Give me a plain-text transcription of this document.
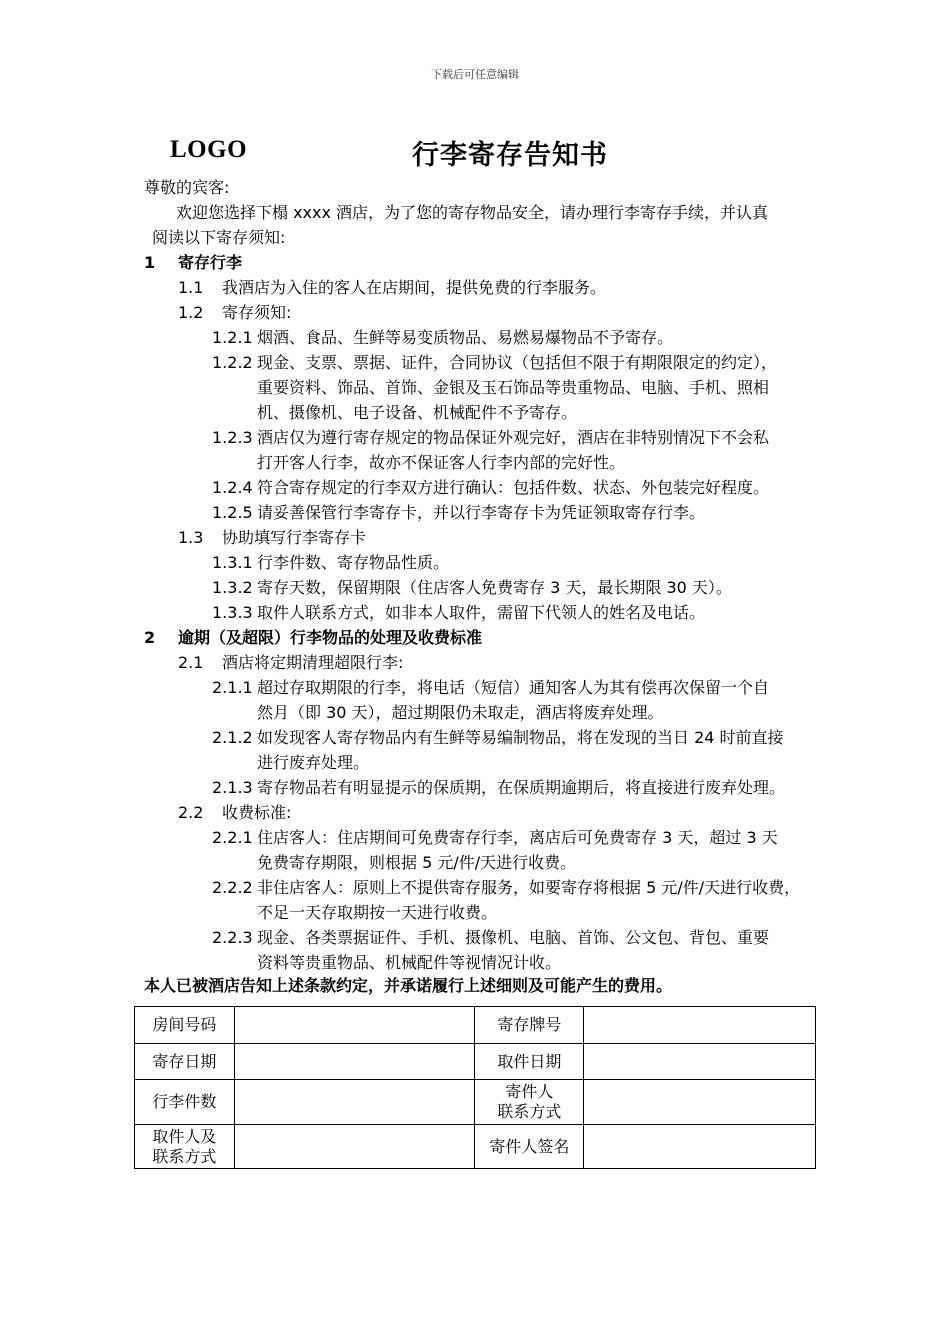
下载后可任意编辑
LOGO	行李寄存告知书
尊敬的宾客:
欢迎您选择下榻 xxxx 酒店，为了您的寄存物品安全，请办理行李寄存手续，并认真
阅读以下寄存须知:
1 寄存行李
1.1 我酒店为入住的客人在店期间，提供免费的行李服务。
1.2 寄存须知:
1.2.1 烟酒、食品、生鲜等易变质物品、易燃易爆物品不予寄存。
1.2.2 现金、支票、票据、证件，合同协议（包括但不限于有期限限定的约定），
重要资料、饰品、首饰、金银及玉石饰品等贵重物品、电脑、手机、照相
机、摄像机、电子设备、机械配件不予寄存。
1.2.3 酒店仅为遵行寄存规定的物品保证外观完好，酒店在非特别情况下不会私
打开客人行李，故亦不保证客人行李内部的完好性。
1.2.4 符合寄存规定的行李双方进行确认：包括件数、状态、外包装完好程度。
1.2.5 请妥善保管行李寄存卡，并以行李寄存卡为凭证领取寄存行李。
1.3 协助填写行李寄存卡
1.3.1 行李件数、寄存物品性质。
1.3.2 寄存天数，保留期限（住店客人免费寄存 3 天，最长期限 30 天）。
1.3.3 取件人联系方式，如非本人取件，需留下代领人的姓名及电话。
2 逾期（及超限）行李物品的处理及收费标准
2.1 酒店将定期清理超限行李:
2.1.1 超过存取期限的行李，将电话（短信）通知客人为其有偿再次保留一个自
然月（即 30 天），超过期限仍未取走，酒店将废弃处理。
2.1.2 如发现客人寄存物品内有生鲜等易编制物品，将在发现的当日 24 时前直接
进行废弃处理。
2.1.3 寄存物品若有明显提示的保质期，在保质期逾期后，将直接进行废弃处理。
2.2 收费标准:
2.2.1 住店客人：住店期间可免费寄存行李，离店后可免费寄存 3 天，超过 3 天
免费寄存期限，则根据 5 元/件/天进行收费。
2.2.2 非住店客人：原则上不提供寄存服务，如要寄存将根据 5 元/件/天进行收费，
不足一天存取期按一天进行收费。
2.2.3 现金、各类票据证件、手机、摄像机、电脑、首饰、公文包、背包、重要
资料等贵重物品、机械配件等视情况计收。
本人已被酒店告知上述条款约定，并承诺履行上述细则及可能产生的费用。
房间号码		寄存牌号	
寄存日期		取件日期	
行李件数		寄件人
联系方式	

取件人及
联系方式		寄件人签名	
